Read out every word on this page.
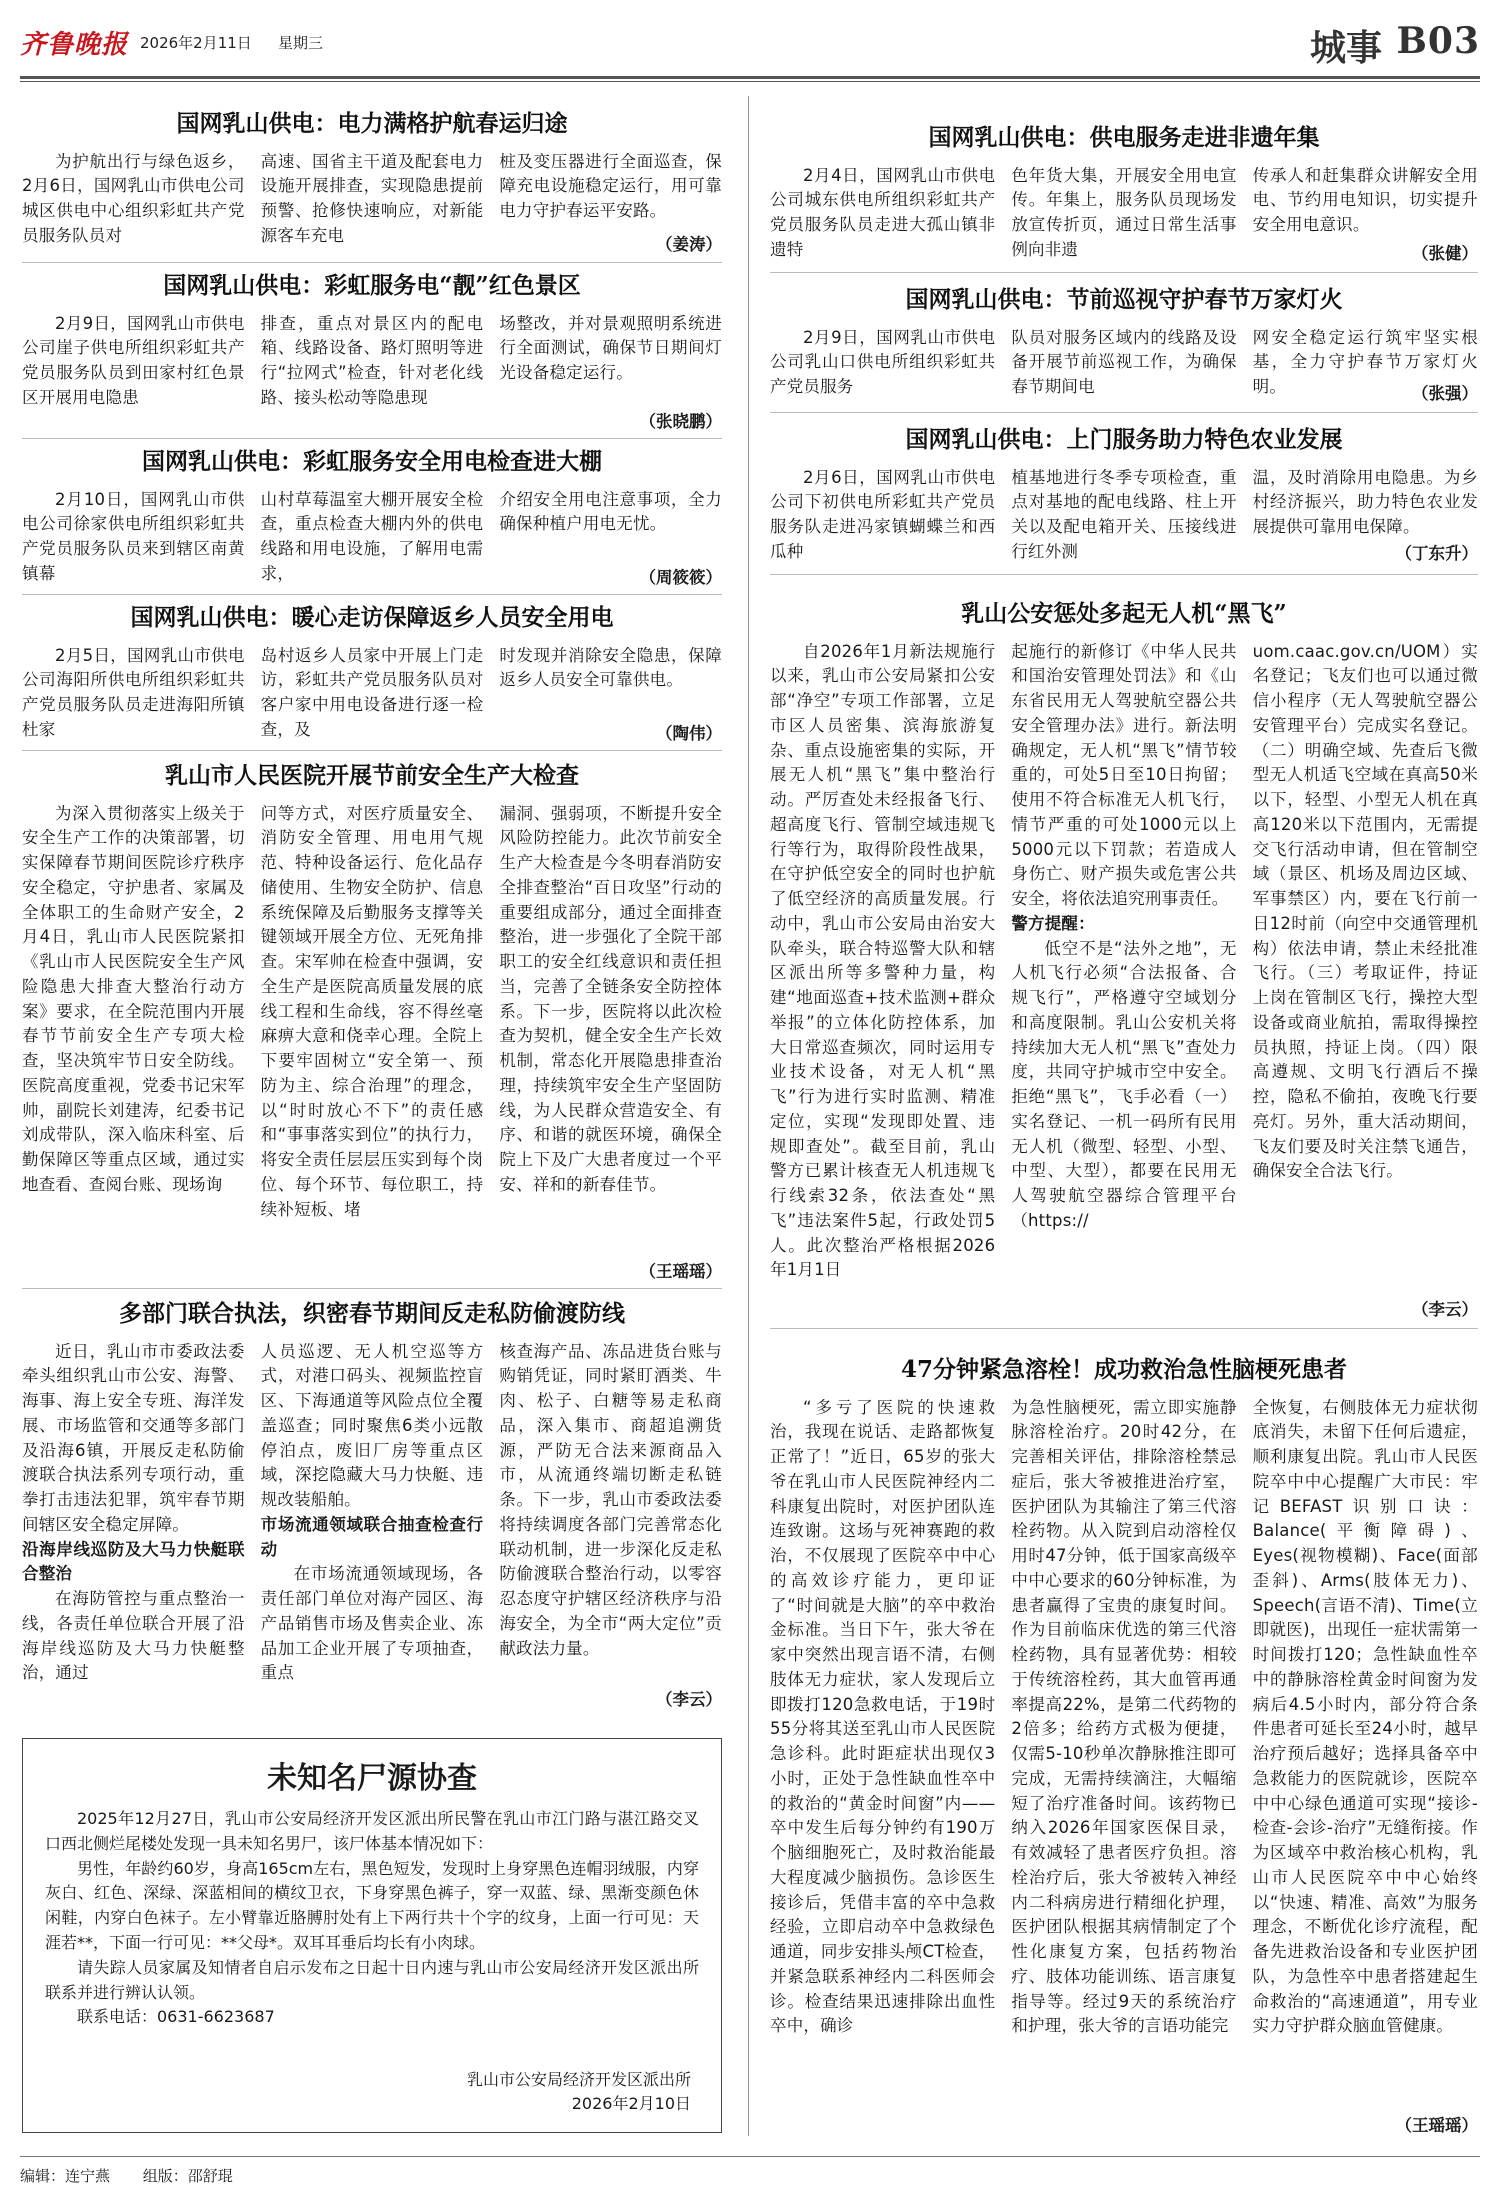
齐鲁晚报 2026年2月11日 星期三	城事 B03
国网乳山供电：电力满格护航春运归途

为护航出行与绿色返乡，2月6日，国网乳山市供电公司城区供电中心组织彩虹共产党员服务队员对

高速、国省主干道及配套电力设施开展排查，实现隐患提前预警、抢修快速响应，对新能源客车充电

桩及变压器进行全面巡查，保障充电设施稳定运行，用可靠电力守护春运平安路。

（姜涛）
国网乳山供电：彩虹服务电“靓”红色景区

2月9日，国网乳山市供电公司崖子供电所组织彩虹共产党员服务队员到田家村红色景区开展用电隐患

排查，重点对景区内的配电箱、线路设备、路灯照明等进行“拉网式”检查，针对老化线路、接头松动等隐患现

场整改，并对景观照明系统进行全面测试，确保节日期间灯光设备稳定运行。

（张晓鹏）
国网乳山供电：彩虹服务安全用电检查进大棚

2月10日，国网乳山市供电公司徐家供电所组织彩虹共产党员服务队员来到辖区南黄镇幕

山村草莓温室大棚开展安全检查，重点检查大棚内外的供电线路和用电设施，了解用电需求，

介绍安全用电注意事项，全力确保种植户用电无忧。

（周筱筱）
国网乳山供电：暖心走访保障返乡人员安全用电

2月5日，国网乳山市供电公司海阳所供电所组织彩虹共产党员服务队员走进海阳所镇杜家

岛村返乡人员家中开展上门走访，彩虹共产党员服务队员对客户家中用电设备进行逐一检查，及

时发现并消除安全隐患，保障返乡人员安全可靠供电。

（陶伟）
乳山市人民医院开展节前安全生产大检查

为深入贯彻落实上级关于安全生产工作的决策部署，切实保障春节期间医院诊疗秩序安全稳定，守护患者、家属及全体职工的生命财产安全，2月4日，乳山市人民医院紧扣《乳山市人民医院安全生产风险隐患大排查大整治行动方案》要求，在全院范围内开展春节节前安全生产专项大检查，坚决筑牢节日安全防线。医院高度重视，党委书记宋军帅，副院长刘建涛，纪委书记刘成带队，深入临床科室、后勤保障区等重点区域，通过实地查看、查阅台账、现场询

问等方式，对医疗质量安全、消防安全管理、用电用气规范、特种设备运行、危化品存储使用、生物安全防护、信息系统保障及后勤服务支撑等关键领域开展全方位、无死角排查。宋军帅在检查中强调，安全生产是医院高质量发展的底线工程和生命线，容不得丝毫麻痹大意和侥幸心理。全院上下要牢固树立“安全第一、预防为主、综合治理”的理念，以“时时放心不下”的责任感和“事事落实到位”的执行力，将安全责任层层压实到每个岗位、每个环节、每位职工，持续补短板、堵

漏洞、强弱项，不断提升安全风险防控能力。此次节前安全生产大检查是今冬明春消防安全排查整治“百日攻坚”行动的重要组成部分，通过全面排查整治，进一步强化了全院干部职工的安全红线意识和责任担当，完善了全链条安全防控体系。下一步，医院将以此次检查为契机，健全安全生产长效机制，常态化开展隐患排查治理，持续筑牢安全生产坚固防线，为人民群众营造安全、有序、和谐的就医环境，确保全院上下及广大患者度过一个平安、祥和的新春佳节。

（王瑶瑶）
多部门联合执法，织密春节期间反走私防偷渡防线

近日，乳山市市委政法委牵头组织乳山市公安、海警、海事、海上安全专班、海洋发展、市场监管和交通等多部门及沿海6镇，开展反走私防偷渡联合执法系列专项行动，重拳打击违法犯罪，筑牢春节期间辖区安全稳定屏障。

沿海岸线巡防及大马力快艇联合整治

在海防管控与重点整治一线，各责任单位联合开展了沿海岸线巡防及大马力快艇整治，通过

人员巡逻、无人机空巡等方式，对港口码头、视频监控盲区、下海通道等风险点位全覆盖巡查；同时聚焦6类小远散停泊点，废旧厂房等重点区域，深挖隐藏大马力快艇、违规改装船舶。

市场流通领域联合抽查检查行动

在市场流通领域现场，各责任部门单位对海产园区、海产品销售市场及售卖企业、冻品加工企业开展了专项抽查，重点

核查海产品、冻品进货台账与购销凭证，同时紧盯酒类、牛肉、松子、白糖等易走私商品，深入集市、商超追溯货源，严防无合法来源商品入市，从流通终端切断走私链条。下一步，乳山市委政法委将持续调度各部门完善常态化联动机制，进一步深化反走私防偷渡联合整治行动，以零容忍态度守护辖区经济秩序与沿海安全，为全市“两大定位”贡献政法力量。

（李云）
未知名尸源协查

2025年12月27日，乳山市公安局经济开发区派出所民警在乳山市江门路与湛江路交叉口西北侧烂尾楼处发现一具未知名男尸，该尸体基本情况如下：

男性，年龄约60岁，身高165cm左右，黑色短发，发现时上身穿黑色连帽羽绒服，内穿灰白、红色、深绿、深蓝相间的横纹卫衣，下身穿黑色裤子，穿一双蓝、绿、黑渐变颜色休闲鞋，内穿白色袜子。左小臂靠近胳膊肘处有上下两行共十个字的纹身，上面一行可见：天涯若**，下面一行可见：**父母*。双耳耳垂后均长有小肉球。

请失踪人员家属及知情者自启示发布之日起十日内速与乳山市公安局经济开发区派出所联系并进行辨认认领。

联系电话：0631-6623687

乳山市公安局经济开发区派出所
2026年2月10日
国网乳山供电：供电服务走进非遗年集

2月4日，国网乳山市供电公司城东供电所组织彩虹共产党员服务队员走进大孤山镇非遗特

色年货大集，开展安全用电宣传。年集上，服务队员现场发放宣传折页，通过日常生活事例向非遗

传承人和赶集群众讲解安全用电、节约用电知识，切实提升安全用电意识。

（张健）
国网乳山供电：节前巡视守护春节万家灯火

2月9日，国网乳山市供电公司乳山口供电所组织彩虹共产党员服务

队员对服务区域内的线路及设备开展节前巡视工作，为确保春节期间电

网安全稳定运行筑牢坚实根基，全力守护春节万家灯火明。	（张强）
国网乳山供电：上门服务助力特色农业发展

2月6日，国网乳山市供电公司下初供电所彩虹共产党员服务队走进冯家镇蝴蝶兰和西瓜种

植基地进行冬季专项检查，重点对基地的配电线路、柱上开关以及配电箱开关、压接线进行红外测

温，及时消除用电隐患。为乡村经济振兴，助力特色农业发展提供可靠用电保障。

（丁东升）
乳山公安惩处多起无人机“黑飞”

自2026年1月新法规施行以来，乳山市公安局紧扣公安部“净空”专项工作部署，立足市区人员密集、滨海旅游复杂、重点设施密集的实际，开展无人机“黑飞”集中整治行动。严厉查处未经报备飞行、超高度飞行、管制空域违规飞行等行为，取得阶段性战果，在守护低空安全的同时也护航了低空经济的高质量发展。行动中，乳山市公安局由治安大队牵头，联合特巡警大队和辖区派出所等多警种力量，构建“地面巡查+技术监测+群众举报”的立体化防控体系，加大日常巡查频次，同时运用专业技术设备，对无人机“黑飞”行为进行实时监测、精准定位，实现“发现即处置、违规即查处”。截至目前，乳山警方已累计核查无人机违规飞行线索32条，依法查处“黑飞”违法案件5起，行政处罚5人。此次整治严格根据2026年1月1日

起施行的新修订《中华人民共和国治安管理处罚法》和《山东省民用无人驾驶航空器公共安全管理办法》进行。新法明确规定，无人机“黑飞”情节较重的，可处5日至10日拘留；使用不符合标准无人机飞行，情节严重的可处1000元以上5000元以下罚款；若造成人身伤亡、财产损失或危害公共安全，将依法追究刑事责任。

警方提醒：

低空不是“法外之地”，无人机飞行必须“合法报备、合规飞行”，严格遵守空域划分和高度限制。乳山公安机关将持续加大无人机“黑飞”查处力度，共同守护城市空中安全。拒绝“黑飞”，飞手必看（一）实名登记、一机一码所有民用无人机（微型、轻型、小型、中型、大型），都要在民用无人驾驶航空器综合管理平台（https://

uom.caac.gov.cn/UOM）实名登记；飞友们也可以通过微信小程序（无人驾驶航空器公安管理平台）完成实名登记。（二）明确空域、先查后飞微型无人机适飞空域在真高50米以下，轻型、小型无人机在真高120米以下范围内，无需提交飞行活动申请，但在管制空域（景区、机场及周边区域、军事禁区）内，要在飞行前一日12时前（向空中交通管理机构）依法申请，禁止未经批准飞行。（三）考取证件，持证上岗在管制区飞行，操控大型设备或商业航拍，需取得操控员执照，持证上岗。（四）限高遵规、文明飞行酒后不操控，隐私不偷拍，夜晚飞行要亮灯。另外，重大活动期间，飞友们要及时关注禁飞通告，确保安全合法飞行。

（李云）
47分钟紧急溶栓！成功救治急性脑梗死患者

“多亏了医院的快速救治，我现在说话、走路都恢复正常了！”近日，65岁的张大爷在乳山市人民医院神经内二科康复出院时，对医护团队连连致谢。这场与死神赛跑的救治，不仅展现了医院卒中中心的高效诊疗能力，更印证了“时间就是大脑”的卒中救治金标准。当日下午，张大爷在家中突然出现言语不清，右侧肢体无力症状，家人发现后立即拨打120急救电话，于19时55分将其送至乳山市人民医院急诊科。此时距症状出现仅3小时，正处于急性缺血性卒中的救治的“黄金时间窗”内——卒中发生后每分钟约有190万个脑细胞死亡，及时救治能最大程度减少脑损伤。急诊医生接诊后，凭借丰富的卒中急救经验，立即启动卒中急救绿色通道，同步安排头颅CT检查，并紧急联系神经内二科医师会诊。检查结果迅速排除出血性卒中，确诊

为急性脑梗死，需立即实施静脉溶栓治疗。20时42分，在完善相关评估，排除溶栓禁忌症后，张大爷被推进治疗室，医护团队为其输注了第三代溶栓药物。从入院到启动溶栓仅用时47分钟，低于国家高级卒中中心要求的60分钟标准，为患者赢得了宝贵的康复时间。作为目前临床优选的第三代溶栓药物，具有显著优势：相较于传统溶栓药，其大血管再通率提高22%，是第二代药物的2倍多；给药方式极为便捷，仅需5-10秒单次静脉推注即可完成，无需持续滴注，大幅缩短了治疗准备时间。该药物已纳入2026年国家医保目录，有效减轻了患者医疗负担。溶栓治疗后，张大爷被转入神经内二科病房进行精细化护理，医护团队根据其病情制定了个性化康复方案，包括药物治疗、肢体功能训练、语言康复指导等。经过9天的系统治疗和护理，张大爷的言语功能完

全恢复，右侧肢体无力症状彻底消失，未留下任何后遗症，顺利康复出院。乳山市人民医院卒中中心提醒广大市民：牢记BEFAST识别口诀：Balance(平衡障碍)、Eyes(视物模糊)、Face(面部歪斜)、Arms(肢体无力)、Speech(言语不清)、Time(立即就医)，出现任一症状需第一时间拨打120；急性缺血性卒中的静脉溶栓黄金时间窗为发病后4.5小时内，部分符合条件患者可延长至24小时，越早治疗预后越好；选择具备卒中急救能力的医院就诊，医院卒中中心绿色通道可实现“接诊-检查-会诊-治疗”无缝衔接。作为区域卒中救治核心机构，乳山市人民医院卒中中心始终以“快速、精准、高效”为服务理念，不断优化诊疗流程，配备先进救治设备和专业医护团队，为急性卒中患者搭建起生命救治的“高速通道”，用专业实力守护群众脑血管健康。

（王瑶瑶）
编辑：连宁燕 组版：邵舒琨
